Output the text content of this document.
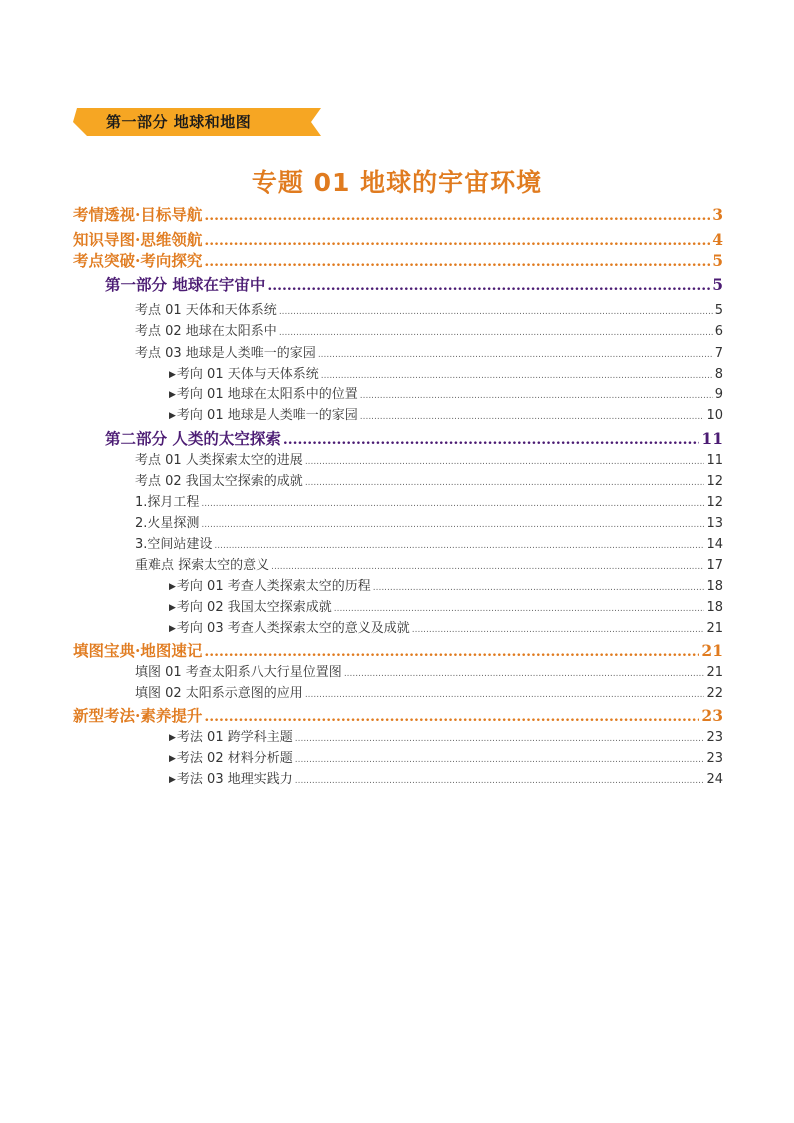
第一部分 地球和地图
专题 01 地球的宇宙环境
考情透视·目标导航 .....	3
知识导图·思维领航 .....	4
考点突破·考向探究 .....	5
第一部分 地球在宇宙中 .....	5
考点 01 天体和天体系统 .....	5
考点 02 地球在太阳系中 .....	6
考点 03 地球是人类唯一的家园 .....	7
▶考向 01 天体与天体系统 .....	8
▶考向 01 地球在太阳系中的位置 .....	9
▶考向 01 地球是人类唯一的家园 .....	10
第二部分 人类的太空探索 .....	11
考点 01 人类探索太空的进展 .....	11
考点 02 我国太空探索的成就 .....	12
1.探月工程 .....	12
2.火星探测 .....	13
3.空间站建设 .....	14
重难点 探索太空的意义 .....	17
▶考向 01 考查人类探索太空的历程 .....	18
▶考向 02 我国太空探索成就 .....	18
▶考向 03 考查人类探索太空的意义及成就 .....	21
填图宝典·地图速记 .....	21
填图 01 考查太阳系八大行星位置图 .....	21
填图 02 太阳系示意图的应用 .....	22
新型考法·素养提升 .....	23
▶考法 01 跨学科主题 .....	23
▶考法 02 材料分析题 .....	23
▶考法 03 地理实践力 .....	24
